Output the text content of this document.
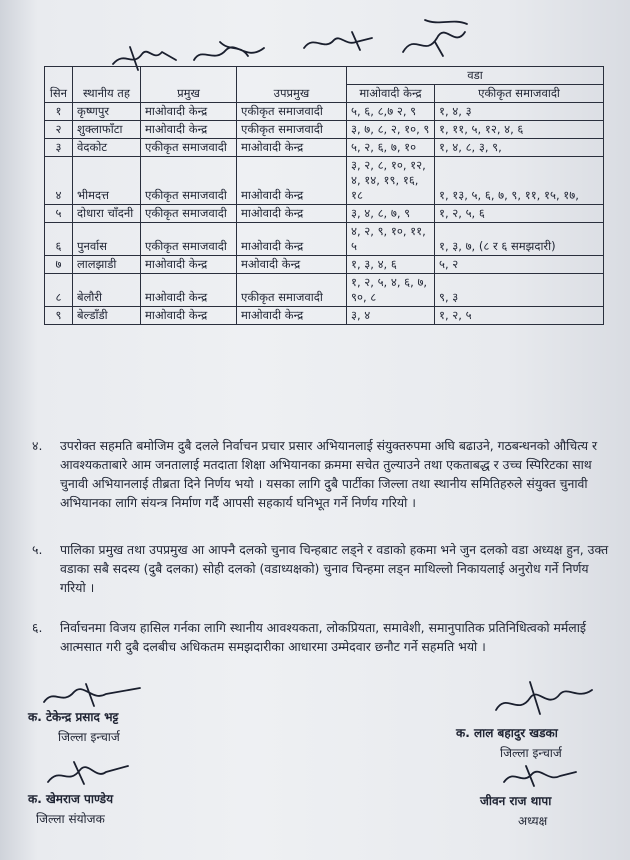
सिन	स्थानीय तह	प्रमुख	उपप्रमुख	वडा	
				माओवादी केन्द्र	एकीकृत समाजवादी
१	कृष्णपुर	माओवादी केन्द्र	एकीकृत समाजवादी	५, ६, ८,७ २, ९	१, ४, ३
२	शुक्लाफाँटा	माओवादी केन्द्र	एकीकृत समाजवादी	३, ७, ८, २, १०, ९	१, ११, ५, १२, ४, ६
३	वेदकोट	एकीकृत समाजवादी	माओवादी केन्द्र	५, २, ६, ७, १०	१, ४, ८, ३, ९,
४	भीमदत्त	एकीकृत समाजवादी	माओवादी केन्द्र	३, २, ८, १०, १२, ४, १४, १९, १६, १८	१, १३, ५, ६, ७, ९, ११, १५, १७,
५	दोधारा चाँदनी	एकीकृत समाजवादी	माओवादी केन्द्र	३, ४, ८, ७, ९	१, २, ५, ६
६	पुनर्वास	एकीकृत समाजवादी	माओवादी केन्द्र	४, २, ९, १०, ११, ५	१, ३, ७, (८ र ६ समझदारी)
७	लालझाडी	माओवादी केन्द्र	मओवादी केन्द्र	१, ३, ४, ६	५, २
८	बेलौरी	माओवादी केन्द्र	एकीकृत समाजवादी	१, २, ५, ४, ६, ७, ९०, ८	९, ३
९	बेल्डाँडी	माओवादी केन्द्र	माओवादी केन्द्र	३, ४	१, २, ५
४. उपरोक्त सहमति बमोजिम दुबै दलले निर्वाचन प्रचार प्रसार अभियानलाई संयुक्तरुपमा अघि बढाउने, गठबन्धनको औचित्य र आवश्यकताबारे आम जनतालाई मतदाता शिक्षा अभियानका क्रममा सचेत तुल्याउने तथा एकताबद्ध र उच्च स्पिरिटका साथ चुनावी अभियानलाई तीब्रता दिने निर्णय भयो । यसका लागि दुबै पार्टीका जिल्ला तथा स्थानीय समितिहरुले संयुक्त चुनावी अभियानका लागि संयन्त्र निर्माण गर्दै आपसी सहकार्य घनिभूत गर्ने निर्णय गरियो ।
५. पालिका प्रमुख तथा उपप्रमुख आ आफ्नै दलको चुनाव चिन्हबाट लड्ने र वडाको हकमा भने जुन दलको वडा अध्यक्ष हुन, उक्त वडाका सबै सदस्य (दुबै दलका) सोही दलको (वडाध्यक्षको) चुनाव चिन्हमा लड्न माथिल्लो निकायलाई अनुरोध गर्ने निर्णय गरियो ।
६. निर्वाचनमा विजय हासिल गर्नका लागि स्थानीय आवश्यकता, लोकप्रियता, समावेशी, समानुपातिक प्रतिनिधित्वको मर्मलाई आत्मसात गरी दुबै दलबीच अधिकतम समझदारीका आधारमा उम्मेदवार छनौट गर्ने सहमति भयो ।
क. टेकेन्द्र प्रसाद भट्ट
जिल्ला इन्चार्ज
क. खेमराज पाण्डेय
जिल्ला संयोजक
क. लाल बहादुर खडका
जिल्ला इन्चार्ज
जीवन राज थापा
अध्यक्ष
